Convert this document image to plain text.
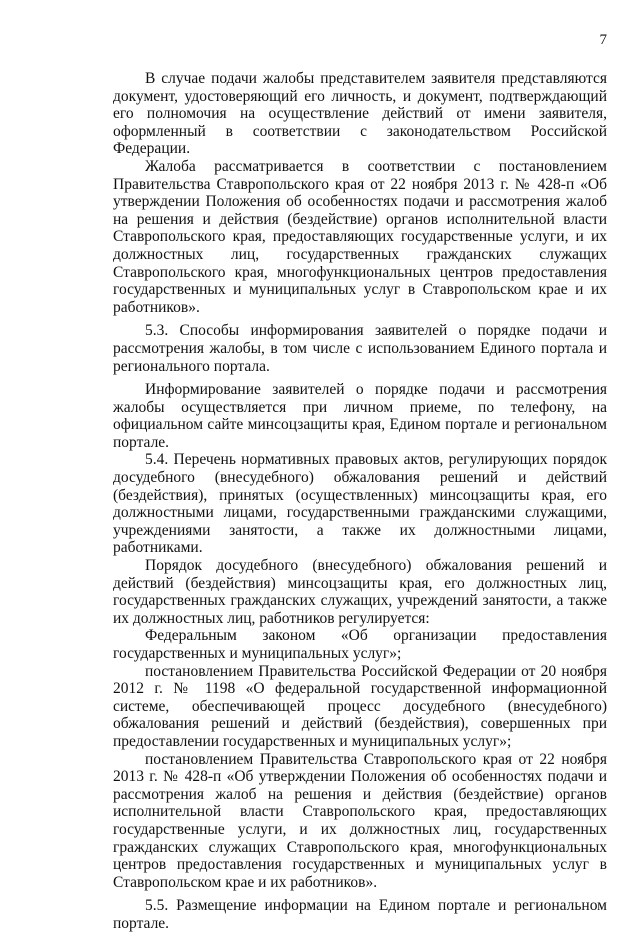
7

В случае подачи жалобы представителем заявителя представляются документ, удостоверяющий его личность, и документ, подтверждающий его полномочия на осуществление действий от имени заявителя, оформленный в соответствии с законодательством Российской Федерации.

Жалоба рассматривается в соответствии с постановлением Правительства Ставропольского края от 22 ноября 2013 г. № 428-п «Об утверждении Положения об особенностях подачи и рассмотрения жалоб на решения и действия (бездействие) органов исполнительной власти Ставропольского края, предоставляющих государственные услуги, и их должностных лиц, государственных гражданских служащих Ставропольского края, многофункциональных центров предоставления государственных и муниципальных услуг в Ставропольском крае и их работников».

5.3. Способы информирования заявителей о порядке подачи и рассмотрения жалобы, в том числе с использованием Единого портала и регионального портала.

Информирование заявителей о порядке подачи и рассмотрения жалобы осуществляется при личном приеме, по телефону, на официальном сайте минсоцзащиты края, Едином портале и региональном портале.

5.4. Перечень нормативных правовых актов, регулирующих порядок досудебного (внесудебного) обжалования решений и действий (бездействия), принятых (осуществленных) минсоцзащиты края, его должностными лицами, государственными гражданскими служащими, учреждениями занятости, а также их должностными лицами, работниками.

Порядок досудебного (внесудебного) обжалования решений и действий (бездействия) минсоцзащиты края, его должностных лиц, государственных гражданских служащих, учреждений занятости, а также их должностных лиц, работников регулируется:

Федеральным законом «Об организации предоставления государственных и муниципальных услуг»;

постановлением Правительства Российской Федерации от 20 ноября 2012 г. № 1198 «О федеральной государственной информационной системе, обеспечивающей процесс досудебного (внесудебного) обжалования решений и действий (бездействия), совершенных при предоставлении государственных и муниципальных услуг»;

постановлением Правительства Ставропольского края от 22 ноября 2013 г. № 428-п «Об утверждении Положения об особенностях подачи и рассмотрения жалоб на решения и действия (бездействие) органов исполнительной власти Ставропольского края, предоставляющих государственные услуги, и их должностных лиц, государственных гражданских служащих Ставропольского края, многофункциональных центров предоставления государственных и муниципальных услуг в Ставропольском крае и их работников».

5.5. Размещение информации на Едином портале и региональном портале.
